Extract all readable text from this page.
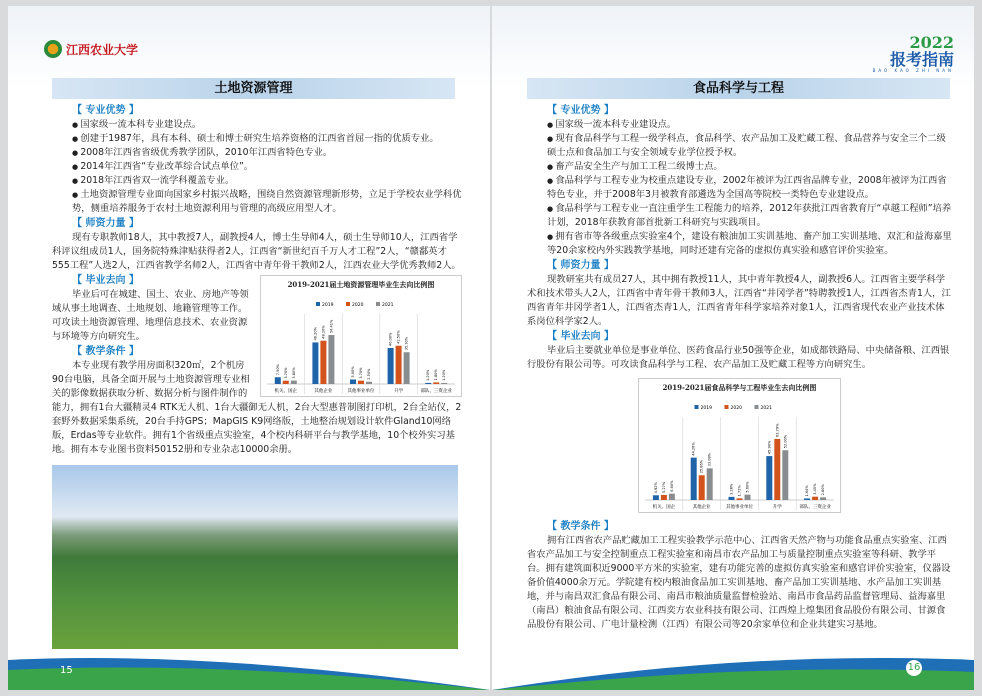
江西农业大学
土地资源管理
【 专业优势 】
● 国家级一流本科专业建设点。
● 创建于1987年，具有本科、硕士和博士研究生培养资格的江西省首屈一指的优质专业。
● 2008年江西省省级优秀教学团队，2010年江西省特色专业。
● 2014年江西省“专业改革综合试点单位”。
● 2018年江西省双一流学科覆盖专业。
● 土地资源管理专业面向国家乡村振兴战略，围绕自然资源管理新形势，立足于学校农业学科优势，侧重培养服务于农村土地资源利用与管理的高级应用型人才。
【 师资力量 】
现有专职教师18人，其中教授7人，副教授4人，博士生导师4人，硕士生导师10人，江西省学科评议组成员1人，国务院特殊津贴获得者2人，江西省“新世纪百千万人才工程”2人，“赣鄱英才555工程”人选2人，江西省教学名师2人，江西省中青年骨干教师2人，江西农业大学优秀教师2人。
2019-2021届土地资源管理毕业生去向比例图
2019	2020	2021
机关、国企
7.50% 3.70% 3.80%
其他企业
46.20% 48.10% 54.41%
其他事业单位
5.00% 3.70% 2.50%
升学
40.00% 42.50% 35.30%
部队、三资企业
1.20% 1.80% 1.20%
【 毕业去向 】
毕业后可在城建、国土、农业、房地产等领域从事土地调查、土地规划、地籍管理等工作。可攻读土地资源管理、地理信息技术、农业资源与环境等方向研究生。
【 教学条件 】
本专业现有教学用房面积320㎡，2个机房90台电脑，具备全面开展与土地资源管理专业相关的影像数据获取分析、数据分析与图件制作的能力，拥有1台大疆精灵4 RTK无人机、1台大疆御无人机，2台大型惠普制图打印机，2台全站仪，2套野外数据采集系统，20台手持GPS；MapGIS K9网络版，土地整治规划设计软件Gland10网络版，Erdas等专业软件。拥有1个省级重点实验室，4个校内科研平台与教学基地，10个校外实习基地。拥有本专业图书资料50152册和专业杂志10000余册。
15
2022
报考指南
BAO KAO ZHI NAN
食品科学与工程
【 专业优势 】
● 国家级一流本科专业建设点。
● 现有食品科学与工程一级学科点，食品科学、农产品加工及贮藏工程、食品营养与安全三个二级硕士点和食品加工与安全领域专业学位授予权。
● 畜产品安全生产与加工工程二级博士点。
● 食品科学与工程专业为校重点建设专业，2002年被评为江西省品牌专业，2008年被评为江西省特色专业，并于2008年3月被教育部遴选为全国高等院校一类特色专业建设点。
● 食品科学与工程专业一直注重学生工程能力的培养，2012年获批江西省教育厅“卓越工程师”培养计划，2018年获教育部首批新工科研究与实践项目。
● 拥有省市等各级重点实验室4个，建设有粮油加工实训基地、畜产加工实训基地、双汇和益海嘉里等20余家校内外实践教学基地，同时还建有完备的虚拟仿真实验和感官评价实验室。
【 师资力量 】
现教研室共有成员27人，其中拥有教授11人，其中青年教授4人，副教授6人。江西省主要学科学术和技术带头人2人，江西省中青年骨干教师3人，江西省“井冈学者”特聘教授1人，江西省杰青1人，江西省青年井冈学者1人，江西省杰青1人，江西省青年科学家培养对象1人，江西省现代农业产业技术体系岗位科学家2人。
【 毕业去向 】
毕业后主要就业单位是事业单位、医药食品行业50强等企业，如成都铁路局、中央储备粮、江西银行股份有限公司等。可攻读食品科学与工程、农产品加工及贮藏工程等方向研究生。
2019-2021届食品科学与工程毕业生去向比例图
2019	2020	2021
机关、国企
4.92% 5.27% 6.60%
其他企业
44.26%
25.86%
33.08%
其他事业单位
3.28% 1.72% 5.60%
升学
45.90%
63.79%
52.00%
部队、三资企业
1.64% 3.45% 2.80%
【 教学条件 】
拥有江西省农产品贮藏加工工程实验教学示范中心、江西省天然产物与功能食品重点实验室、江西省农产品加工与安全控制重点工程实验室和南昌市农产品加工与质量控制重点实验室等科研、教学平台。拥有建筑面积近9000平方米的实验室，建有功能完善的虚拟仿真实验室和感官评价实验室，仪器设备价值4000余万元。学院建有校内粮油食品加工实训基地、畜产品加工实训基地、水产品加工实训基地，并与南昌双汇食品有限公司、南昌市粮油质量监督检验站、南昌市食品药品监督管理局、益海嘉里（南昌）粮油食品有限公司、江西奕方农业科技有限公司、江西煌上煌集团食品股份有限公司、甘源食品股份有限公司、广电计量检测（江西）有限公司等20余家单位和企业共建实习基地。
16
